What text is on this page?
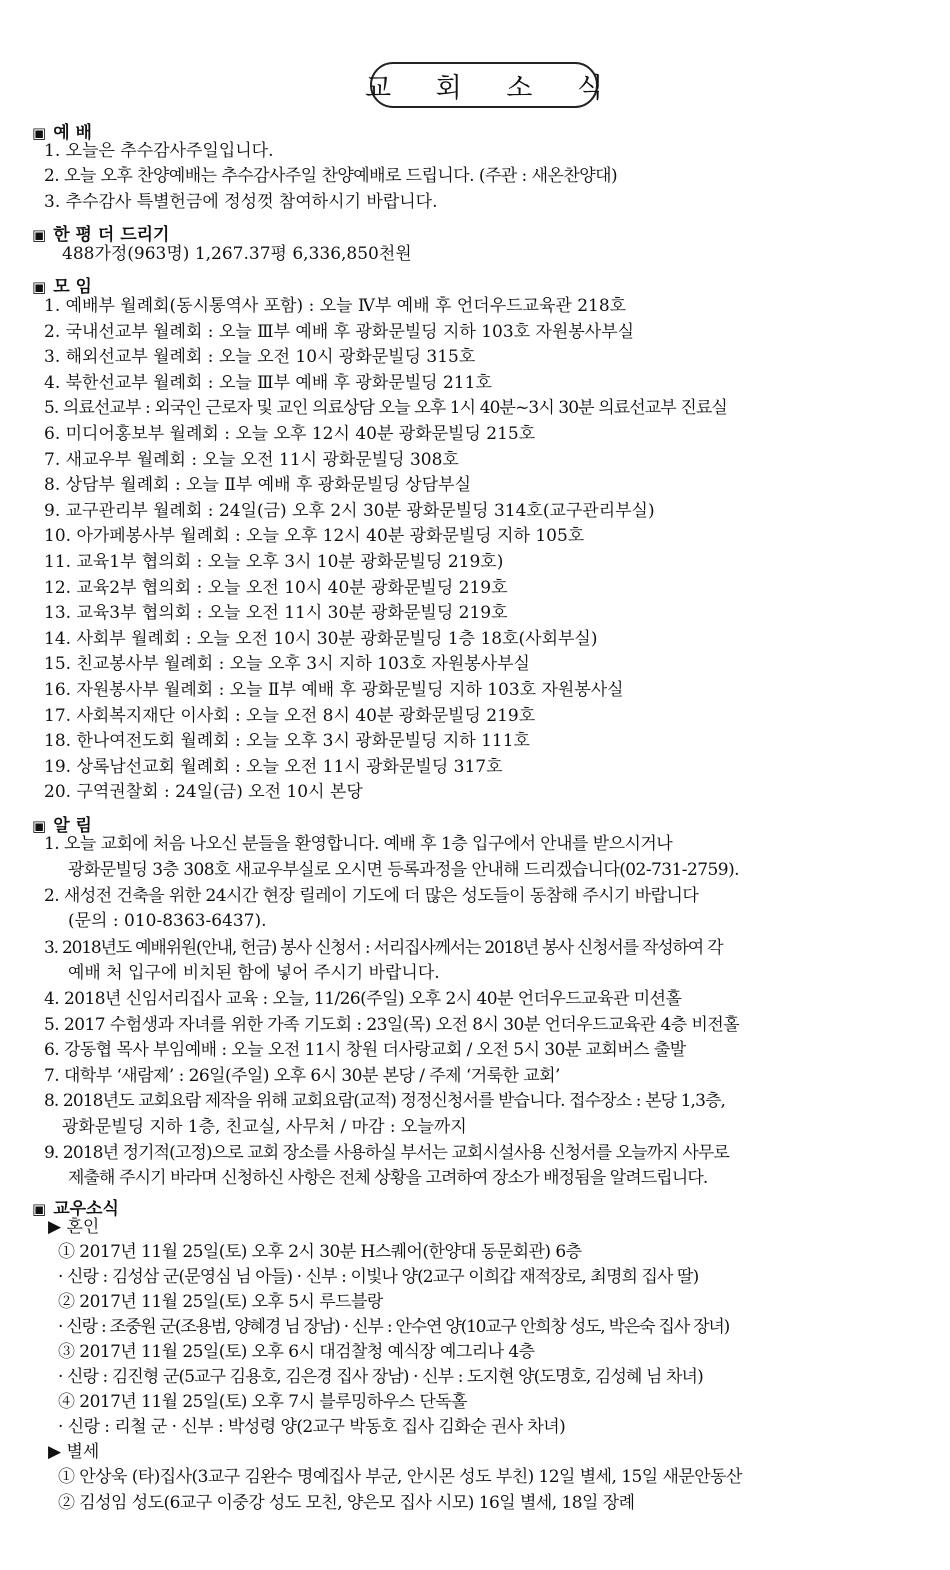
교 회 소 식
▣ 예 배
1. 오늘은 추수감사주일입니다.
2. 오늘 오후 찬양예배는 추수감사주일 찬양예배로 드립니다. (주관 : 새온찬양대)
3. 추수감사 특별헌금에 정성껏 참여하시기 바랍니다.
▣ 한 평 더 드리기
488가정(963명) 1,267.37평 6,336,850천원
▣ 모 임
1. 예배부 월례회(동시통역사 포함) : 오늘 Ⅳ부 예배 후 언더우드교육관 218호
2. 국내선교부 월례회 : 오늘 Ⅲ부 예배 후 광화문빌딩 지하 103호 자원봉사부실
3. 해외선교부 월례회 : 오늘 오전 10시 광화문빌딩 315호
4. 북한선교부 월례회 : 오늘 Ⅲ부 예배 후 광화문빌딩 211호
5. 의료선교부 : 외국인 근로자 및 교인 의료상담 오늘 오후 1시 40분~3시 30분 의료선교부 진료실
6. 미디어홍보부 월례회 : 오늘 오후 12시 40분 광화문빌딩 215호
7. 새교우부 월례회 : 오늘 오전 11시 광화문빌딩 308호
8. 상담부 월례회 : 오늘 Ⅱ부 예배 후 광화문빌딩 상담부실
9. 교구관리부 월례회 : 24일(금) 오후 2시 30분 광화문빌딩 314호(교구관리부실)
10. 아가페봉사부 월례회 : 오늘 오후 12시 40분 광화문빌딩 지하 105호
11. 교육1부 협의회 : 오늘 오후 3시 10분 광화문빌딩 219호)
12. 교육2부 협의회 : 오늘 오전 10시 40분 광화문빌딩 219호
13. 교육3부 협의회 : 오늘 오전 11시 30분 광화문빌딩 219호
14. 사회부 월례회 : 오늘 오전 10시 30분 광화문빌딩 1층 18호(사회부실)
15. 친교봉사부 월례회 : 오늘 오후 3시 지하 103호 자원봉사부실
16. 자원봉사부 월례회 : 오늘 Ⅱ부 예배 후 광화문빌딩 지하 103호 자원봉사실
17. 사회복지재단 이사회 : 오늘 오전 8시 40분 광화문빌딩 219호
18. 한나여전도회 월례회 : 오늘 오후 3시 광화문빌딩 지하 111호
19. 상록남선교회 월례회 : 오늘 오전 11시 광화문빌딩 317호
20. 구역권찰회 : 24일(금) 오전 10시 본당
▣ 알 림
1. 오늘 교회에 처음 나오신 분들을 환영합니다. 예배 후 1층 입구에서 안내를 받으시거나
광화문빌딩 3층 308호 새교우부실로 오시면 등록과정을 안내해 드리겠습니다(02-731-2759).
2. 새성전 건축을 위한 24시간 현장 릴레이 기도에 더 많은 성도들이 동참해 주시기 바랍니다
(문의 : 010-8363-6437).
3. 2018년도 예배위원(안내, 헌금) 봉사 신청서 : 서리집사께서는 2018년 봉사 신청서를 작성하여 각
예배 처 입구에 비치된 함에 넣어 주시기 바랍니다.
4. 2018년 신임서리집사 교육 : 오늘, 11/26(주일) 오후 2시 40분 언더우드교육관 미션홀
5. 2017 수험생과 자녀를 위한 가족 기도회 : 23일(목) 오전 8시 30분 언더우드교육관 4층 비전홀
6. 강동협 목사 부임예배 : 오늘 오전 11시 창원 더사랑교회 / 오전 5시 30분 교회버스 출발
7. 대학부 ‘새람제’ : 26일(주일) 오후 6시 30분 본당 / 주제 ‘거룩한 교회’
8. 2018년도 교회요람 제작을 위해 교회요람(교적) 정정신청서를 받습니다. 접수장소 : 본당 1,3층,
광화문빌딩 지하 1층, 친교실, 사무처 / 마감 : 오늘까지
9. 2018년 정기적(고정)으로 교회 장소를 사용하실 부서는 교회시설사용 신청서를 오늘까지 사무로
제출해 주시기 바라며 신청하신 사항은 전체 상황을 고려하여 장소가 배정됨을 알려드립니다.
▣ 교우소식
▶ 혼인
① 2017년 11월 25일(토) 오후 2시 30분 H스퀘어(한양대 동문회관) 6층
· 신랑 : 김성삼 군(문영심 님 아들) · 신부 : 이빛나 양(2교구 이희갑 재적장로, 최명희 집사 딸)
② 2017년 11월 25일(토) 오후 5시 루드블랑
· 신랑 : 조중원 군(조용범, 양혜경 님 장남) · 신부 : 안수연 양(10교구 안희창 성도, 박은숙 집사 장녀)
③ 2017년 11월 25일(토) 오후 6시 대검찰청 예식장 예그리나 4층
· 신랑 : 김진형 군(5교구 김용호, 김은경 집사 장남) · 신부 : 도지현 양(도명호, 김성혜 님 차녀)
④ 2017년 11월 25일(토) 오후 7시 블루밍하우스 단독홀
· 신랑 : 리철 군 · 신부 : 박성령 양(2교구 박동호 집사 김화순 권사 차녀)
▶ 별세
① 안상욱 (타)집사(3교구 김완수 명예집사 부군, 안시몬 성도 부친) 12일 별세, 15일 새문안동산
② 김성임 성도(6교구 이중강 성도 모친, 양은모 집사 시모) 16일 별세, 18일 장례
